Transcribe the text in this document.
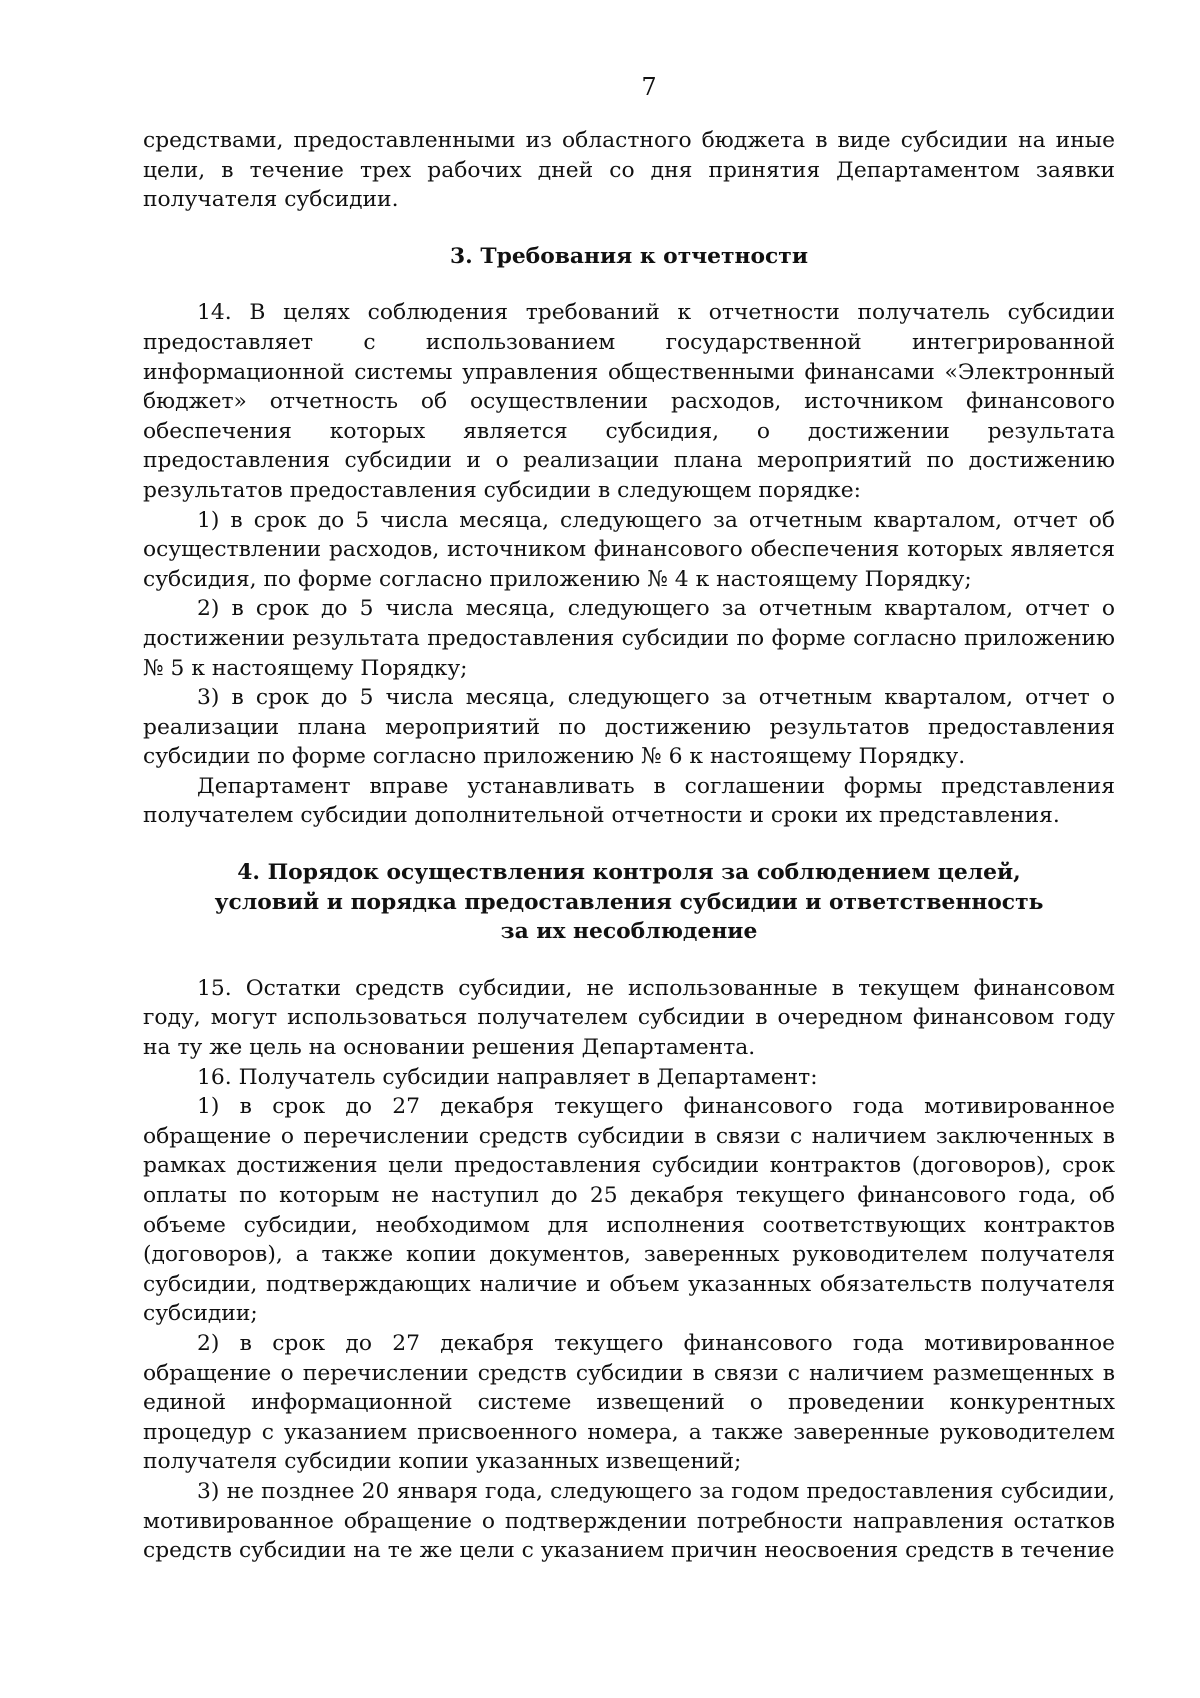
7

средствами, предоставленными из областного бюджета в виде субсидии на иные цели, в течение трех рабочих дней со дня принятия Департаментом заявки получателя субсидии.

3. Требования к отчетности

14. В целях соблюдения требований к отчетности получатель субсидии предоставляет с использованием государственной интегрированной информационной системы управления общественными финансами «Электронный бюджет» отчетность об осуществлении расходов, источником финансового обеспечения которых является субсидия, о достижении результата предоставления субсидии и о реализации плана мероприятий по достижению результатов предоставления субсидии в следующем порядке:

1) в срок до 5 числа месяца, следующего за отчетным кварталом, отчет об осуществлении расходов, источником финансового обеспечения которых является субсидия, по форме согласно приложению № 4 к настоящему Порядку;

2) в срок до 5 числа месяца, следующего за отчетным кварталом, отчет о достижении результата предоставления субсидии по форме согласно приложению № 5 к настоящему Порядку;

3) в срок до 5 числа месяца, следующего за отчетным кварталом, отчет о реализации плана мероприятий по достижению результатов предоставления субсидии по форме согласно приложению № 6 к настоящему Порядку.

Департамент вправе устанавливать в соглашении формы представления получателем субсидии дополнительной отчетности и сроки их представления.

4. Порядок осуществления контроля за соблюдением целей,
условий и порядка предоставления субсидии и ответственность
за их несоблюдение

15. Остатки средств субсидии, не использованные в текущем финансовом году, могут использоваться получателем субсидии в очередном финансовом году на ту же цель на основании решения Департамента.

16. Получатель субсидии направляет в Департамент:

1) в срок до 27 декабря текущего финансового года мотивированное обращение о перечислении средств субсидии в связи с наличием заключенных в рамках достижения цели предоставления субсидии контрактов (договоров), срок оплаты по которым не наступил до 25 декабря текущего финансового года, об объеме субсидии, необходимом для исполнения соответствующих контрактов (договоров), а также копии документов, заверенных руководителем получателя субсидии, подтверждающих наличие и объем указанных обязательств получателя субсидии;

2) в срок до 27 декабря текущего финансового года мотивированное обращение о перечислении средств субсидии в связи с наличием размещенных в единой информационной системе извещений о проведении конкурентных процедур с указанием присвоенного номера, а также заверенные руководителем получателя субсидии копии указанных извещений;

3) не позднее 20 января года, следующего за годом предоставления субсидии, мотивированное обращение о подтверждении потребности направления остатков средств субсидии на те же цели с указанием причин неосвоения средств в течение
